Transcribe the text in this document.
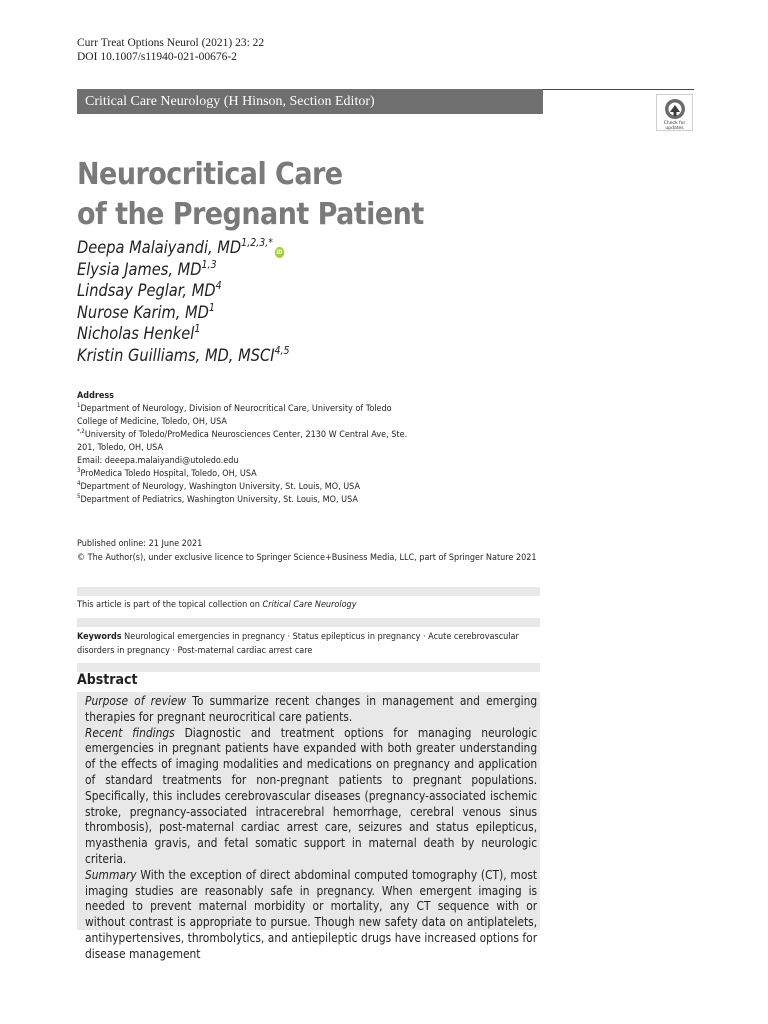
Curr Treat Options Neurol (2021) 23: 22
DOI 10.1007/s11940-021-00676-2
Critical Care Neurology (H Hinson, Section Editor)
Check for updates
Neurocritical Care
of the Pregnant Patient
Deepa Malaiyandi, $MD^{1,2,3,*}iD$
Elysia James, MD$^{1,3}$
Lindsay Peglar, $MD^4$
Nurose Karim, $MD^1$
Nicholas Henkel$^1$
Kristin Guilliams, MD, MSCI$^{4,5}$
Address
$^1$Department of Neurology, Division of Neurocritical Care, University of Toledo
College of Medicine, Toledo, OH, USA
$^{*,2}$University of Toledo/ProMedica Neurosciences Center, 2130 W Central Ave, Ste.
201, Toledo, OH, USA
Email: deeepa.malaiyandi@utoledo.edu
$^3$ProMedica Toledo Hospital, Toledo, OH, USA
$^4$Department of Neurology, Washington University, St. Louis, MO, USA
$^5$Department of Pediatrics, Washington University, St. Louis, MO, USA
Published online: 21 June 2021
© The Author(s), under exclusive licence to Springer Science+Business Media, LLC, part of Springer Nature 2021
This article is part of the topical collection on Critical Care Neurology
Keywords Neurological emergencies in pregnancy · Status epilepticus in pregnancy · Acute cerebrovascular disorders in pregnancy · Post-maternal cardiac arrest care
Abstract

Purpose of review To summarize recent changes in management and emerging therapies for pregnant neurocritical care patients.

Recent findings Diagnostic and treatment options for managing neurologic emergencies in pregnant patients have expanded with both greater understanding of the effects of imaging modalities and medications on pregnancy and application of standard treatments for non-pregnant patients to pregnant populations. Specifically, this includes cerebrovascular diseases (pregnancy-associated ischemic stroke, pregnancy-associated intracerebral hemorrhage, cerebral venous sinus thrombosis), post-maternal cardiac arrest care, seizures and status epilepticus, myasthenia gravis, and fetal somatic support in maternal death by neurologic criteria.

Summary With the exception of direct abdominal computed tomography (CT), most imaging studies are reasonably safe in pregnancy. When emergent imaging is needed to prevent maternal morbidity or mortality, any CT sequence with or without contrast is appropriate to pursue. Though new safety data on antiplatelets, antihypertensives, thrombolytics, and antiepileptic drugs have increased options for disease management
